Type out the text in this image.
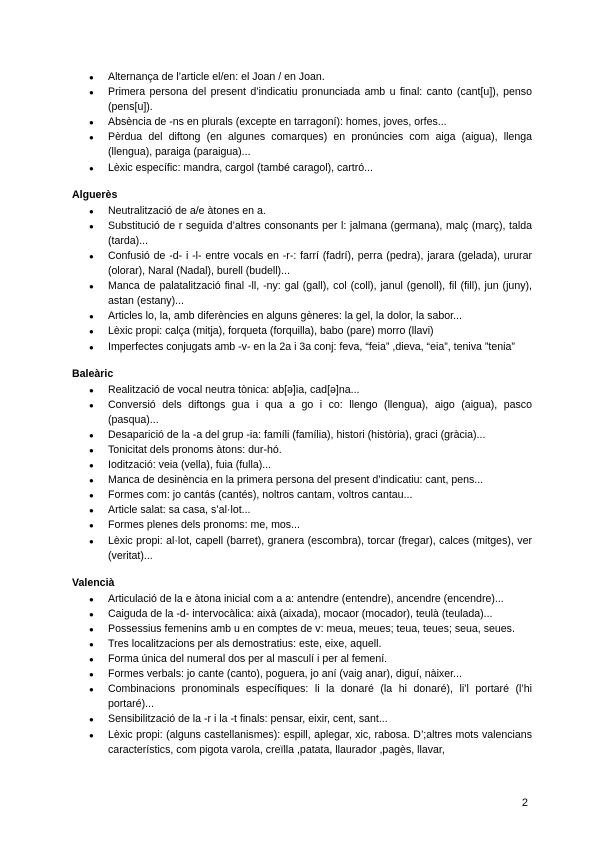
● Alternança de l’article el/en: el Joan / en Joan.
● Primera persona del present d’indicatiu pronunciada amb u final: canto (cant[u]), penso (pens[u]).
● Absència de -ns en plurals (excepte en tarragoní): homes, joves, orfes...
● Pèrdua del diftong (en algunes comarques) en pronúncies com aiga (aigua), llenga (llengua), paraiga (paraigua)...
● Lèxic específic: mandra, cargol (també caragol), cartró...
Alguerès
● Neutralització de a/e àtones en a.
● Substitució de r seguida d’altres consonants per l: jalmana (germana), malç (març), talda (tarda)...
● Confusió de -d- i -l- entre vocals en -r-: farrí (fadrí), perra (pedra), jarara (gelada), ururar (olorar), Naral (Nadal), burell (budell)...
● Manca de palatalització final -ll, -ny: gal (gall), col (coll), janul (genoll), fil (fill), jun (juny), astan (estany)...
● Articles lo, la, amb diferències en alguns gèneres: la gel, la dolor, la sabor...
● Lèxic propi: calça (mitja), forqueta (forquilla), babo (pare) morro (llavi)
● Imperfectes conjugats amb -v- en la 2a i 3a conj: feva, “feia” ,dieva, “eia”, teniva ”tenia”
Baleàric
● Realització de vocal neutra tònica: ab[ə]ia, cad[ə]na...
● Conversió dels diftongs gua i qua a go i co: llengo (llengua), aigo (aigua), pasco (pasqua)...
● Desaparició de la -a del grup -ia: famíli (família), histori (història), graci (gràcia)...
● Tonicitat dels pronoms àtons: dur-hó.
● Iodització: veia (vella), fuia (fulla)...
● Manca de desinència en la primera persona del present d’indicatiu: cant, pens...
● Formes com: jo cantás (cantés), noltros cantam, voltros cantau...
● Article salat: sa casa, s’al·lot...
● Formes plenes dels pronoms: me, mos...
● Lèxic propi: al·lot, capell (barret), granera (escombra), torcar (fregar), calces (mitges), ver (veritat)...
Valencià
● Articulació de la e àtona inicial com a a: antendre (entendre), ancendre (encendre)...
● Caiguda de la -d- intervocàlica: aixà (aixada), mocaor (mocador), teulà (teulada)...
● Possessius femenins amb u en comptes de v: meua, meues; teua, teues; seua, seues.
● Tres localitzacions per als demostratius: este, eixe, aquell.
● Forma única del numeral dos per al masculí i per al femení.
● Formes verbals: jo cante (canto), poguera, jo aní (vaig anar), diguí, nàixer...
● Combinacions pronominals específiques: li la donaré (la hi donaré), li’l portaré (l’hi portaré)...
● Sensibilització de la -r i la -t finals: pensar, eixir, cent, sant...
● Lèxic propi: (alguns castellanismes): espill, aplegar, xic, rabosa. D’;altres mots valencians característics, com pigota varola, creïlla ,patata, llaurador ,pagès, llavar,
2
